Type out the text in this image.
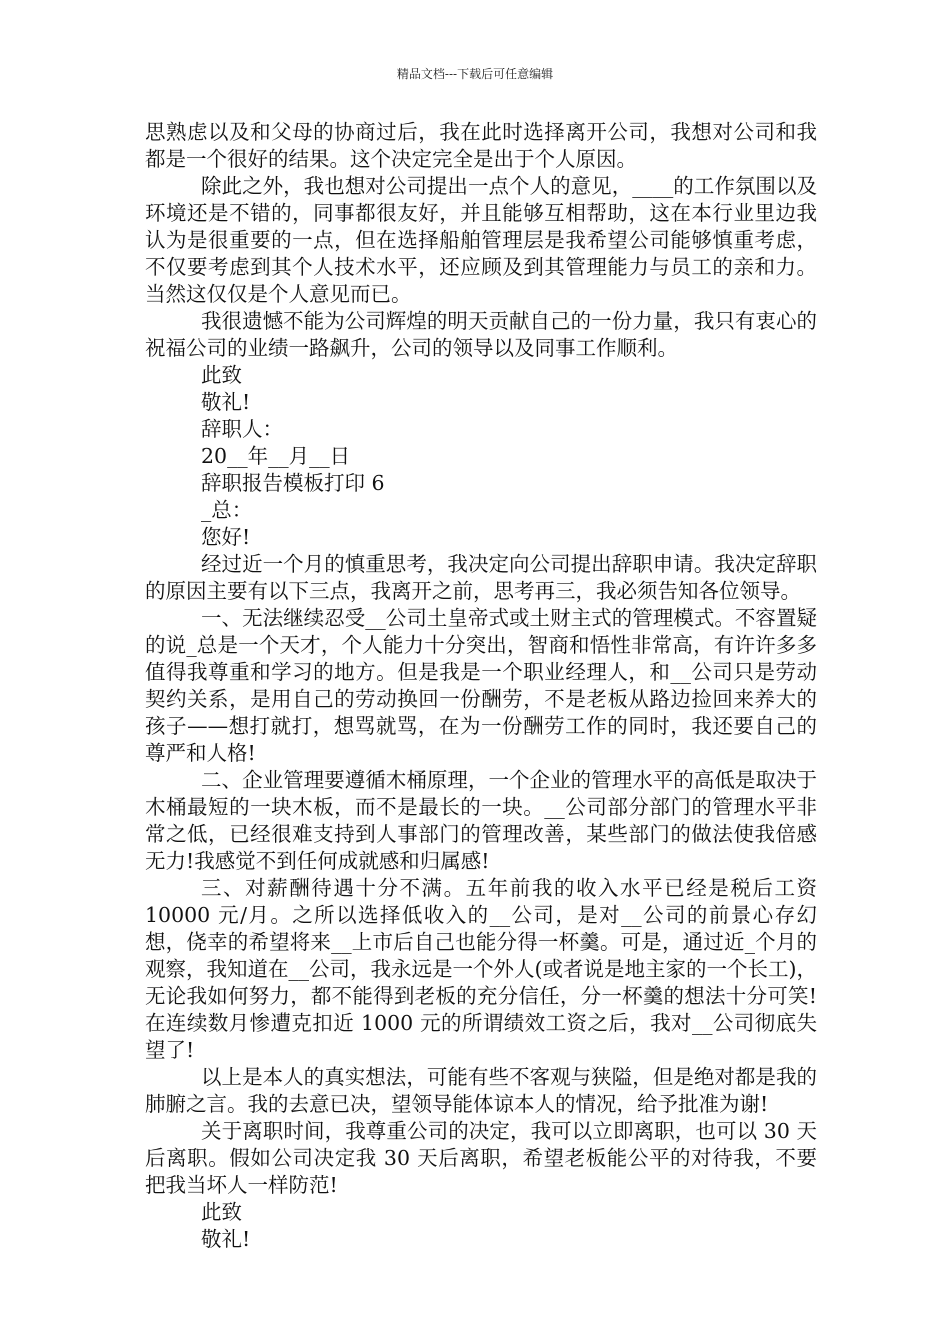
精品文档---下载后可任意编辑

思熟虑以及和父母的协商过后，我在此时选择离开公司，我想对公司和我都是一个很好的结果。这个决定完全是出于个人原因。

除此之外，我也想对公司提出一点个人的意见，____的工作氛围以及环境还是不错的，同事都很友好，并且能够互相帮助，这在本行业里边我认为是很重要的一点，但在选择船舶管理层是我希望公司能够慎重考虑，不仅要考虑到其个人技术水平，还应顾及到其管理能力与员工的亲和力。当然这仅仅是个人意见而已。

我很遗憾不能为公司辉煌的明天贡献自己的一份力量，我只有衷心的祝福公司的业绩一路飙升，公司的领导以及同事工作顺利。

此致

敬礼!

辞职人：

20__年__月__日

辞职报告模板打印 6

_总：

您好!

经过近一个月的慎重思考，我决定向公司提出辞职申请。我决定辞职的原因主要有以下三点，我离开之前，思考再三，我必须告知各位领导。

一、无法继续忍受__公司土皇帝式或土财主式的管理模式。不容置疑的说_总是一个天才，个人能力十分突出，智商和悟性非常高，有许许多多值得我尊重和学习的地方。但是我是一个职业经理人，和__公司只是劳动契约关系，是用自己的劳动换回一份酬劳，不是老板从路边捡回来养大的孩子——想打就打，想骂就骂，在为一份酬劳工作的同时，我还要自己的尊严和人格!

二、企业管理要遵循木桶原理，一个企业的管理水平的高低是取决于木桶最短的一块木板，而不是最长的一块。__公司部分部门的管理水平非常之低，已经很难支持到人事部门的管理改善，某些部门的做法使我倍感无力!我感觉不到任何成就感和归属感!

三、对薪酬待遇十分不满。五年前我的收入水平已经是税后工资 10000 元/月。之所以选择低收入的__公司，是对__公司的前景心存幻想，侥幸的希望将来__上市后自己也能分得一杯羹。可是，通过近_个月的观察，我知道在__公司，我永远是一个外人(或者说是地主家的一个长工)，无论我如何努力，都不能得到老板的充分信任，分一杯羹的想法十分可笑!在连续数月惨遭克扣近 1000 元的所谓绩效工资之后，我对__公司彻底失望了!

以上是本人的真实想法，可能有些不客观与狭隘，但是绝对都是我的肺腑之言。我的去意已决，望领导能体谅本人的情况，给予批准为谢!

关于离职时间，我尊重公司的决定，我可以立即离职，也可以 30 天后离职。假如公司决定我 30 天后离职，希望老板能公平的对待我，不要把我当坏人一样防范!

此致

敬礼!
